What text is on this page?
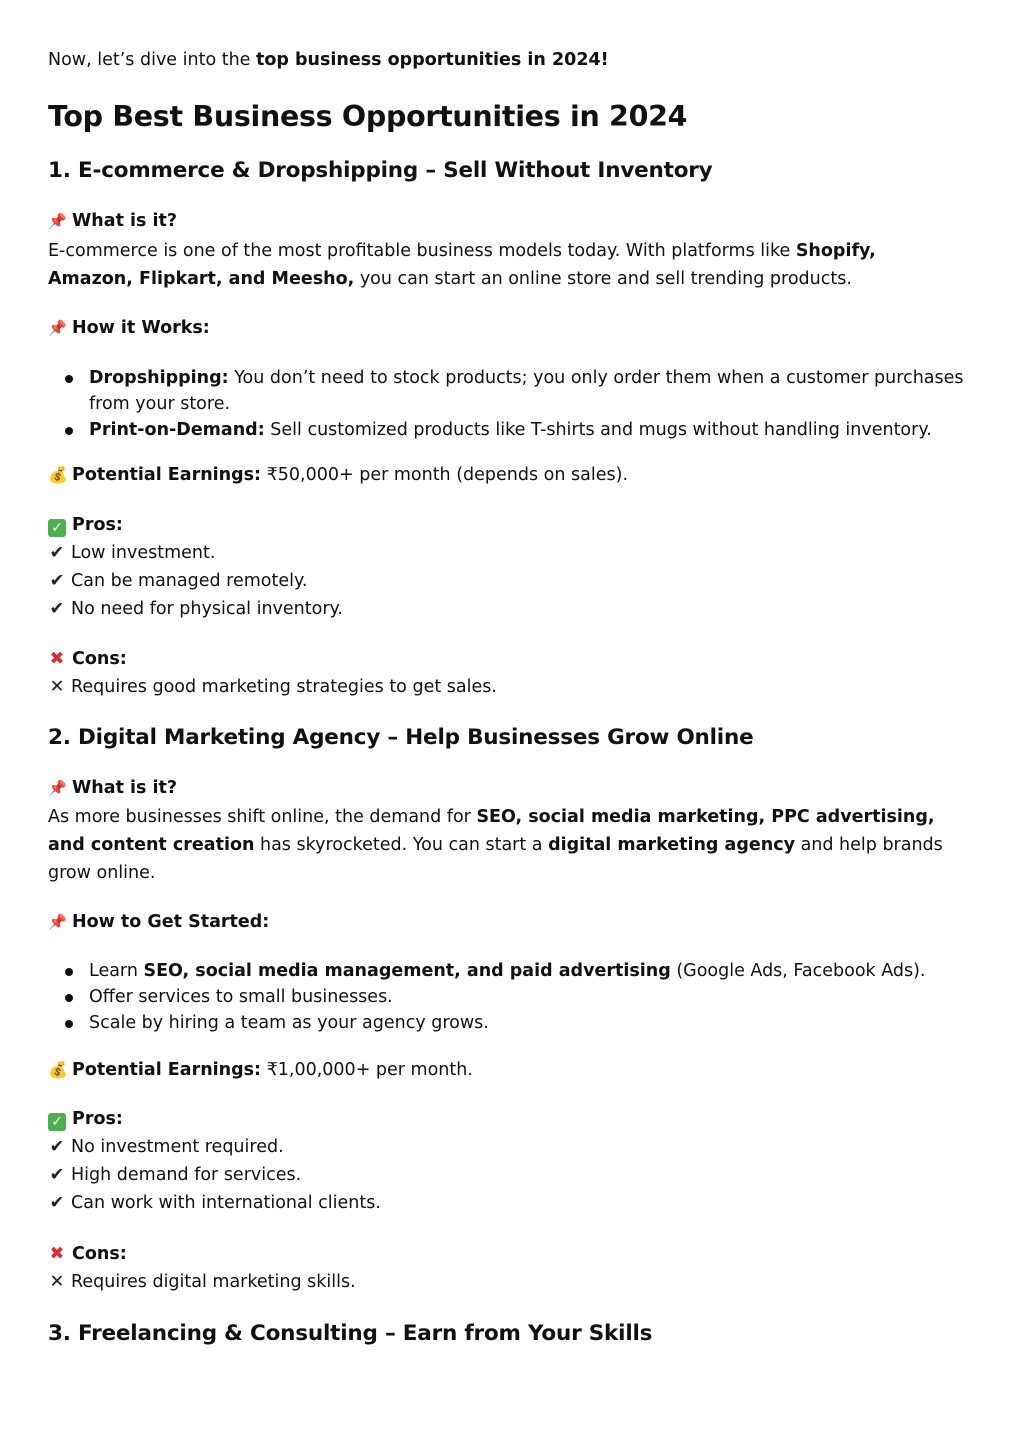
Now, let’s dive into the top business opportunities in 2024!
Top Best Business Opportunities in 2024
1. E-commerce & Dropshipping – Sell Without Inventory
📌 What is it?
E-commerce is one of the most profitable business models today. With platforms like Shopify, Amazon, Flipkart, and Meesho, you can start an online store and sell trending products.
📌 How it Works:
Dropshipping: You don’t need to stock products; you only order them when a customer purchases from your store.
Print-on-Demand: Sell customized products like T-shirts and mugs without handling inventory.
💰 Potential Earnings: ₹50,000+ per month (depends on sales).
✓ Pros:
✔ Low investment.
✔ Can be managed remotely.
✔ No need for physical inventory.
✖ Cons:
✕ Requires good marketing strategies to get sales.
2. Digital Marketing Agency – Help Businesses Grow Online
📌 What is it?
As more businesses shift online, the demand for SEO, social media marketing, PPC advertising, and content creation has skyrocketed. You can start a digital marketing agency and help brands grow online.
📌 How to Get Started:
Learn SEO, social media management, and paid advertising (Google Ads, Facebook Ads).
Offer services to small businesses.
Scale by hiring a team as your agency grows.
💰 Potential Earnings: ₹1,00,000+ per month.
✓ Pros:
✔ No investment required.
✔ High demand for services.
✔ Can work with international clients.
✖ Cons:
✕ Requires digital marketing skills.
3. Freelancing & Consulting – Earn from Your Skills
